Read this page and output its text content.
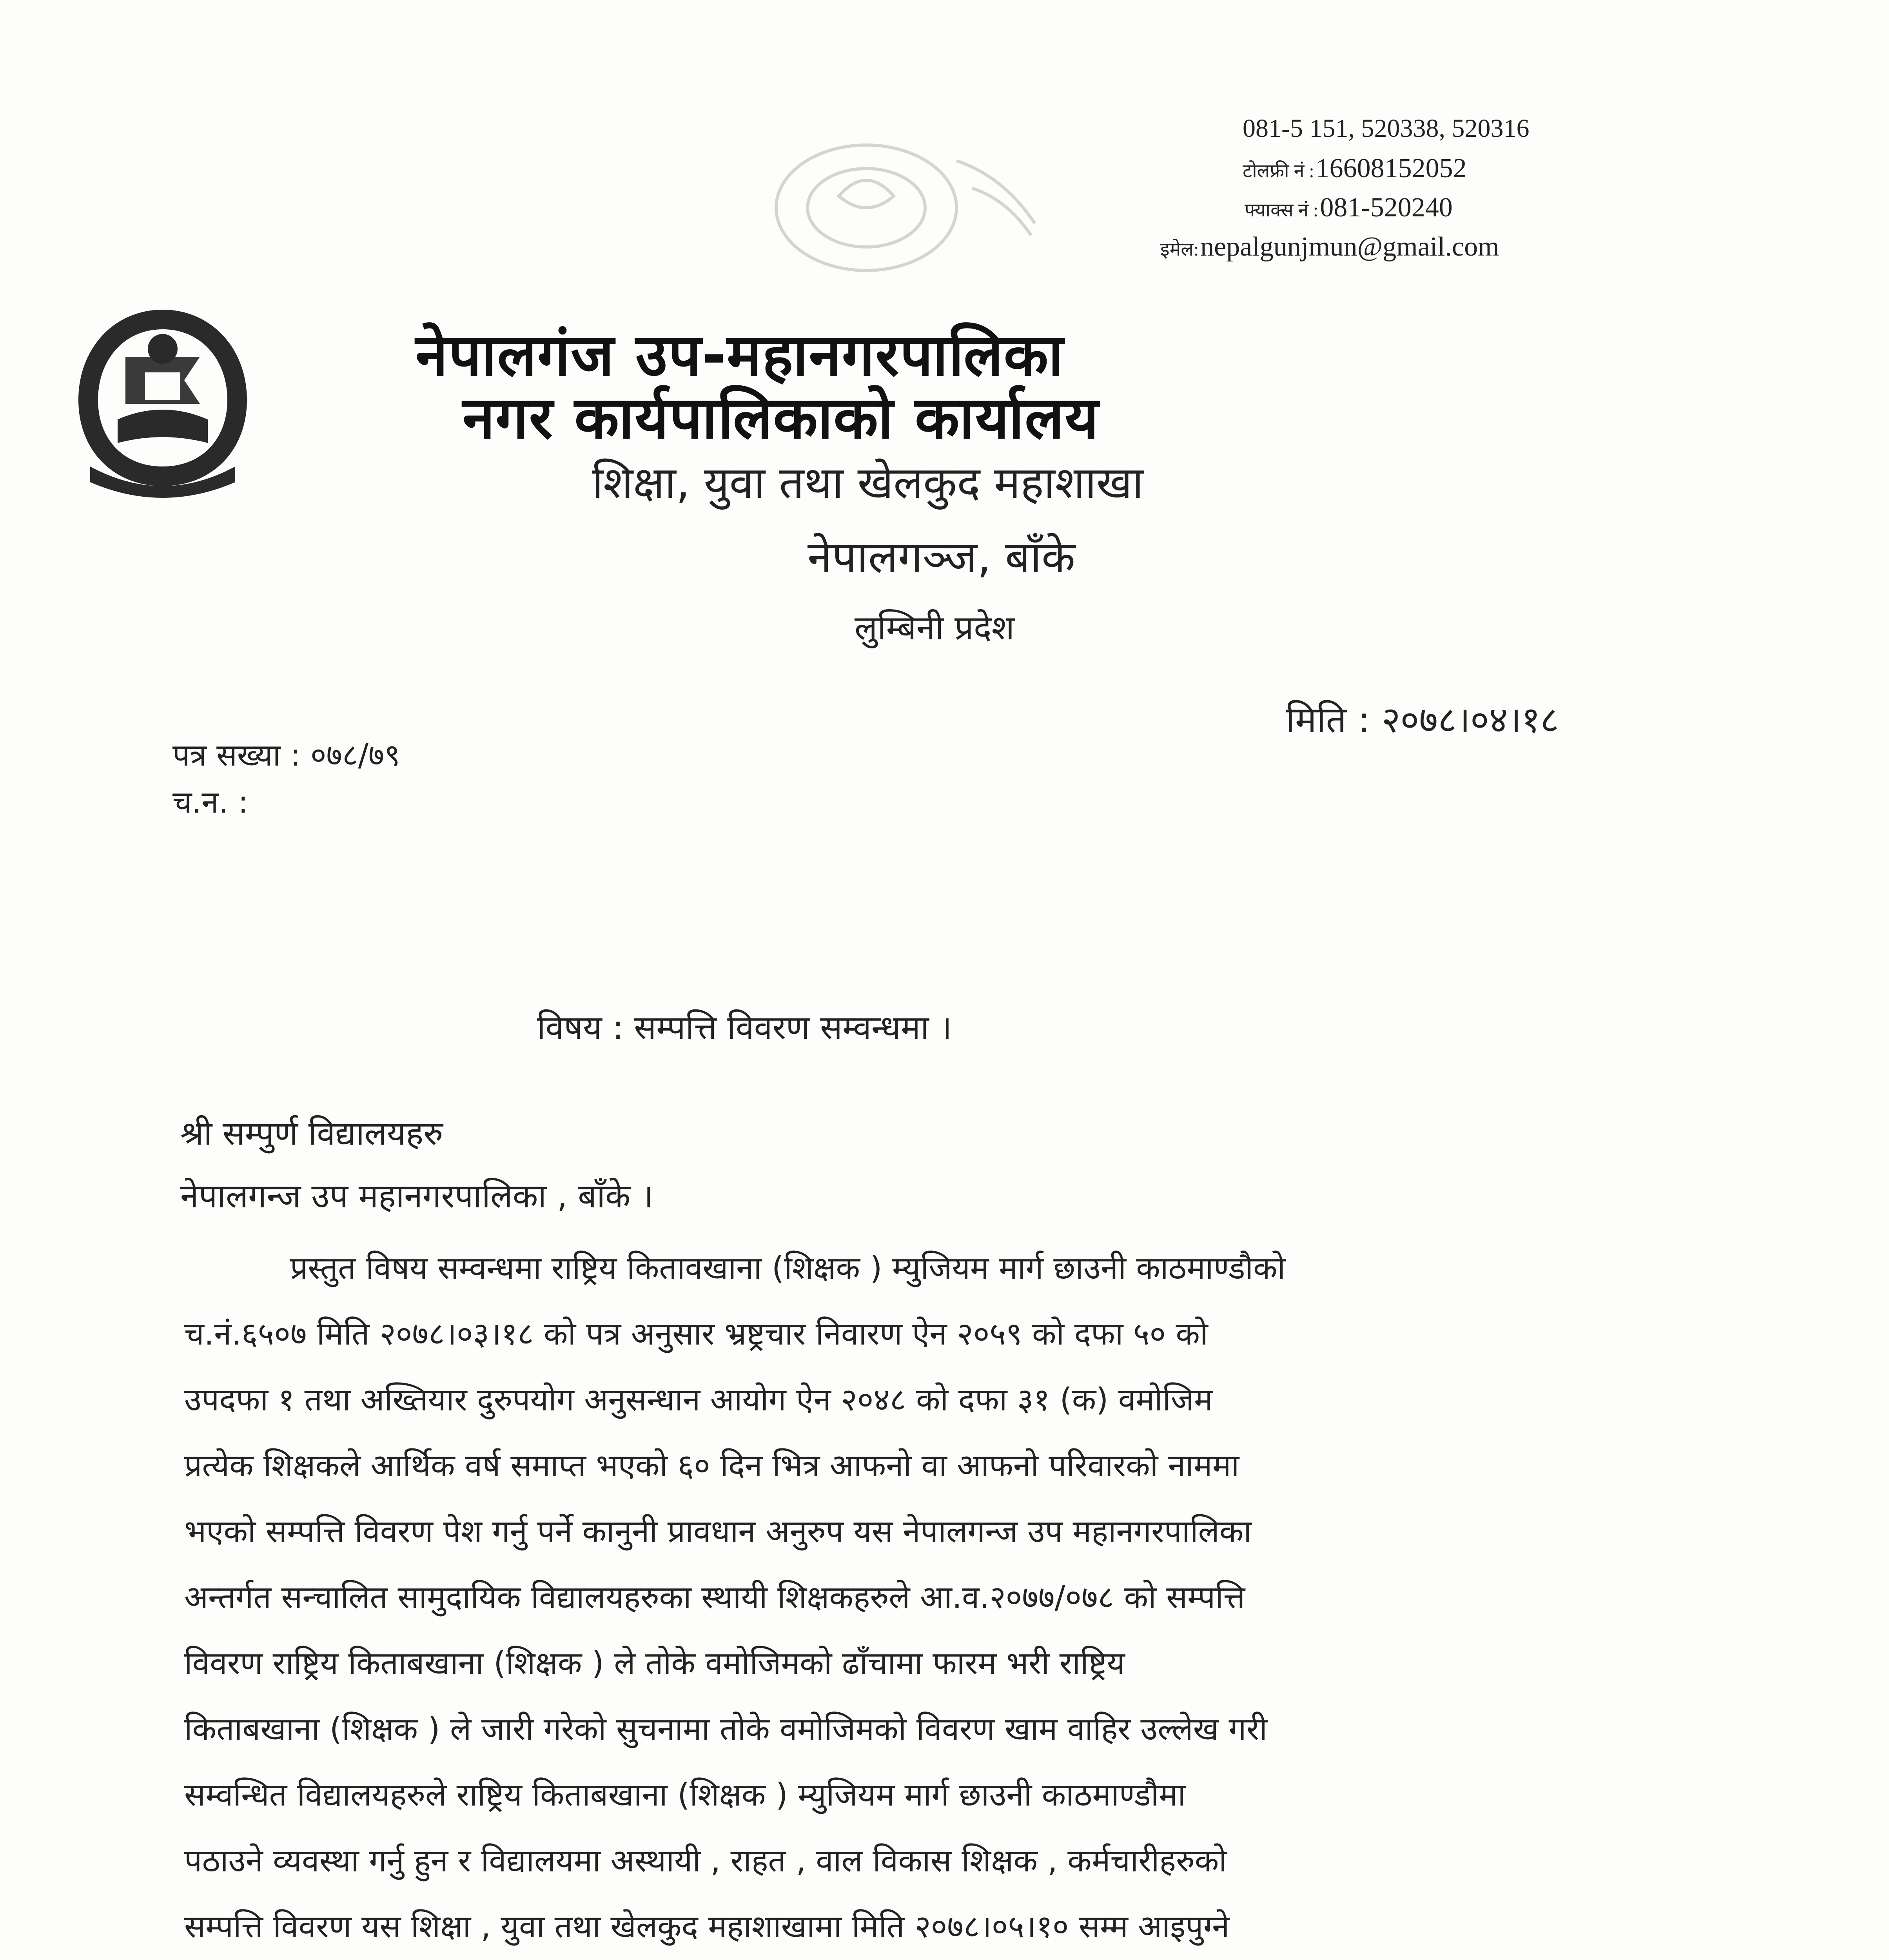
081-5 151, 520338, 520316
टोलफ्री नं : 16608152052
फ्याक्स नं : 081-520240
इमेल: nepalgunjmun@gmail.com
नेपालगंज उप-महानगरपालिका
नगर कार्यपालिकाको कार्यालय
शिक्षा, युवा तथा खेलकुद महाशाखा
नेपालगञ्ज, बाँके
लुम्बिनी प्रदेश
मिति : २०७८।०४।१८
पत्र सख्या : ०७८/७९
च.न. :
विषय : सम्पत्ति विवरण सम्वन्धमा ।
श्री सम्पुर्ण विद्यालयहरु
नेपालगन्ज उप महानगरपालिका , बाँके ।
प्रस्तुत विषय सम्वन्धमा राष्ट्रिय कितावखाना (शिक्षक ) म्युजियम मार्ग छाउनी काठमाण्डौको
च.नं.६५०७ मिति २०७८।०३।१८ को पत्र अनुसार भ्रष्ट्रचार निवारण ऐन २०५९ को दफा ५० को
उपदफा १ तथा अख्तियार दुरुपयोग अनुसन्धान आयोग ऐन २०४८ को दफा ३१ (क) वमोजिम
प्रत्येक शिक्षकले आर्थिक वर्ष समाप्त भएको ६० दिन भित्र आफनो वा आफनो परिवारको नाममा
भएको सम्पत्ति विवरण पेश गर्नु पर्ने कानुनी प्रावधान अनुरुप यस नेपालगन्ज उप महानगरपालिका
अन्तर्गत सन्चालित सामुदायिक विद्यालयहरुका स्थायी शिक्षकहरुले आ.व.२०७७/०७८ को सम्पत्ति
विवरण राष्ट्रिय किताबखाना (शिक्षक ) ले तोके वमोजिमको ढाँचामा फारम भरी राष्ट्रिय
किताबखाना (शिक्षक ) ले जारी गरेको सुचनामा तोके वमोजिमको विवरण खाम वाहिर उल्लेख गरी
सम्वन्धित विद्यालयहरुले राष्ट्रिय किताबखाना (शिक्षक ) म्युजियम मार्ग छाउनी काठमाण्डौमा
पठाउने व्यवस्था गर्नु हुन र विद्यालयमा अस्थायी , राहत , वाल विकास शिक्षक , कर्मचारीहरुको
सम्पत्ति विवरण यस शिक्षा , युवा तथा खेलकुद महाशाखामा मिति २०७८।०५।१० सम्म आइपुग्ने
